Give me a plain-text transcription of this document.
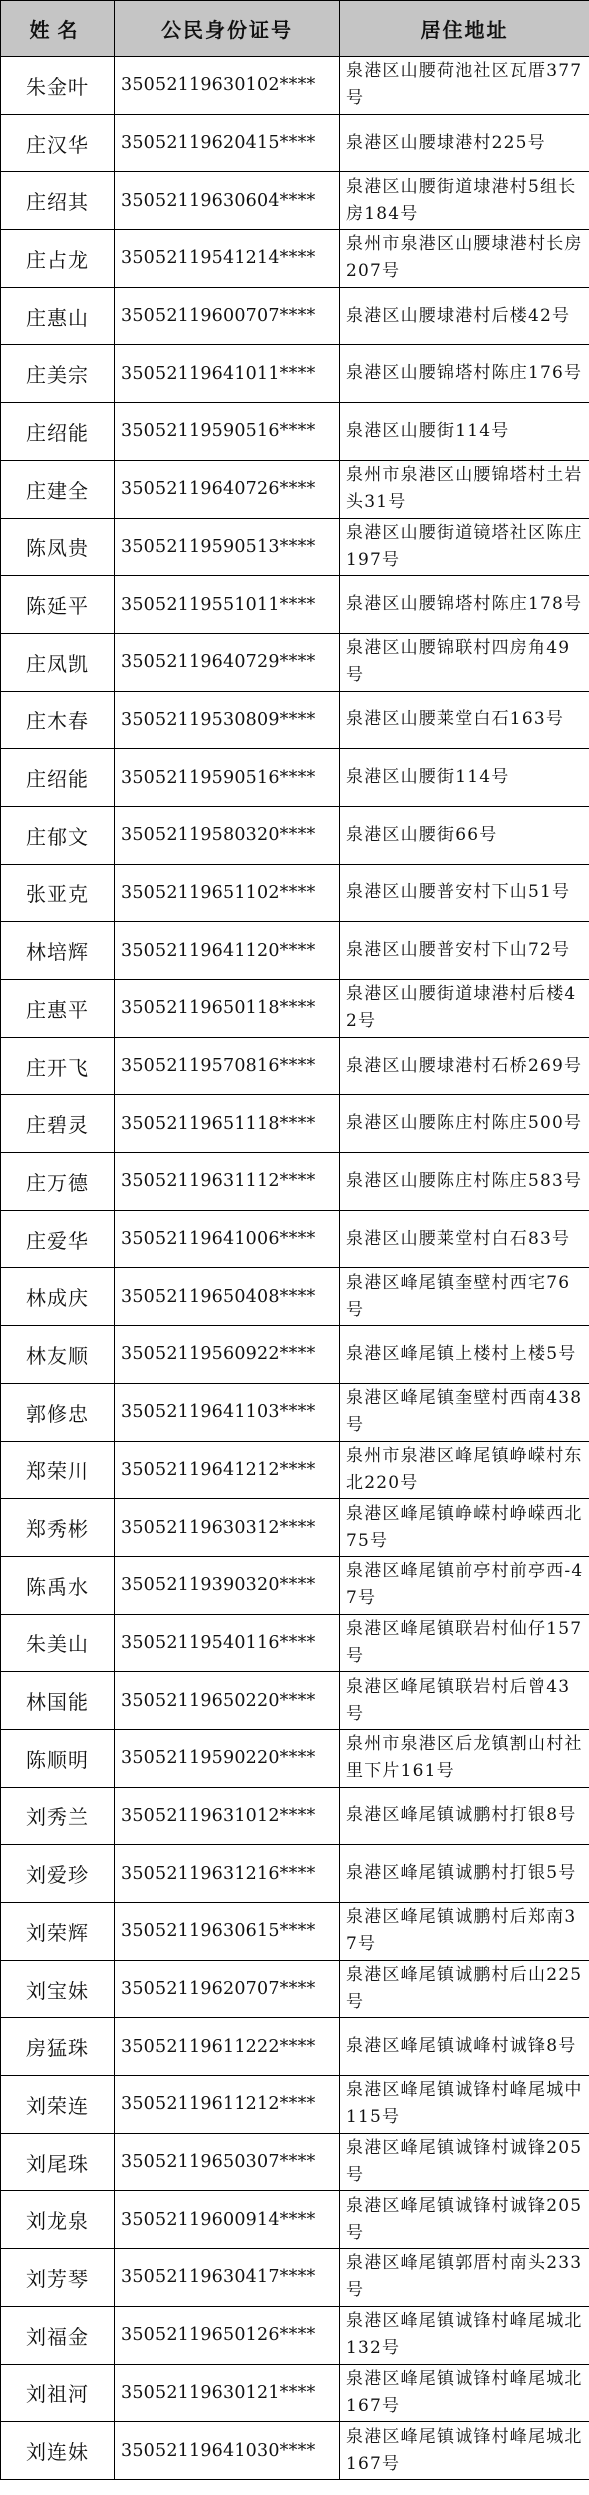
姓名	公民身份证号	居住地址
朱金叶	35052119630102****	泉港区山腰荷池社区瓦厝377号
庄汉华	35052119620415****	泉港区山腰埭港村225号
庄绍其	35052119630604****	泉港区山腰街道埭港村5组长房184号
庄占龙	35052119541214****	泉州市泉港区山腰埭港村长房207号
庄惠山	35052119600707****	泉港区山腰埭港村后楼42号
庄美宗	35052119641011****	泉港区山腰锦塔村陈庄176号
庄绍能	35052119590516****	泉港区山腰街114号
庄建全	35052119640726****	泉州市泉港区山腰锦塔村土岩头31号
陈凤贵	35052119590513****	泉港区山腰街道镜塔社区陈庄197号
陈延平	35052119551011****	泉港区山腰锦塔村陈庄178号
庄凤凯	35052119640729****	泉港区山腰锦联村四房角49号
庄木春	35052119530809****	泉港区山腰莱堂白石163号
庄绍能	35052119590516****	泉港区山腰街114号
庄郁文	35052119580320****	泉港区山腰街66号
张亚克	35052119651102****	泉港区山腰普安村下山51号
林培辉	35052119641120****	泉港区山腰普安村下山72号
庄惠平	35052119650118****	泉港区山腰街道埭港村后楼42号
庄开飞	35052119570816****	泉港区山腰埭港村石桥269号
庄碧灵	35052119651118****	泉港区山腰陈庄村陈庄500号
庄万德	35052119631112****	泉港区山腰陈庄村陈庄583号
庄爱华	35052119641006****	泉港区山腰莱堂村白石83号
林成庆	35052119650408****	泉港区峰尾镇奎壁村西宅76号
林友顺	35052119560922****	泉港区峰尾镇上楼村上楼5号
郭修忠	35052119641103****	泉港区峰尾镇奎壁村西南438号
郑荣川	35052119641212****	泉州市泉港区峰尾镇峥嵘村东北220号
郑秀彬	35052119630312****	泉港区峰尾镇峥嵘村峥嵘西北75号
陈禹水	35052119390320****	泉港区峰尾镇前亭村前亭西-47号
朱美山	35052119540116****	泉港区峰尾镇联岩村仙仔157号
林国能	35052119650220****	泉港区峰尾镇联岩村后曾43号
陈顺明	35052119590220****	泉州市泉港区后龙镇割山村社里下片161号
刘秀兰	35052119631012****	泉港区峰尾镇诚鹏村打银8号
刘爱珍	35052119631216****	泉港区峰尾镇诚鹏村打银5号
刘荣辉	35052119630615****	泉港区峰尾镇诚鹏村后郑南37号
刘宝妹	35052119620707****	泉港区峰尾镇诚鹏村后山225号
房猛珠	35052119611222****	泉港区峰尾镇诚峰村诚锋8号
刘荣连	35052119611212****	泉港区峰尾镇诚锋村峰尾城中115号
刘尾珠	35052119650307****	泉港区峰尾镇诚锋村诚锋205号
刘龙泉	35052119600914****	泉港区峰尾镇诚锋村诚锋205号
刘芳琴	35052119630417****	泉港区峰尾镇郭厝村南头233号
刘福金	35052119650126****	泉港区峰尾镇诚锋村峰尾城北132号
刘祖河	35052119630121****	泉港区峰尾镇诚锋村峰尾城北167号
刘连妹	35052119641030****	泉港区峰尾镇诚锋村峰尾城北167号
